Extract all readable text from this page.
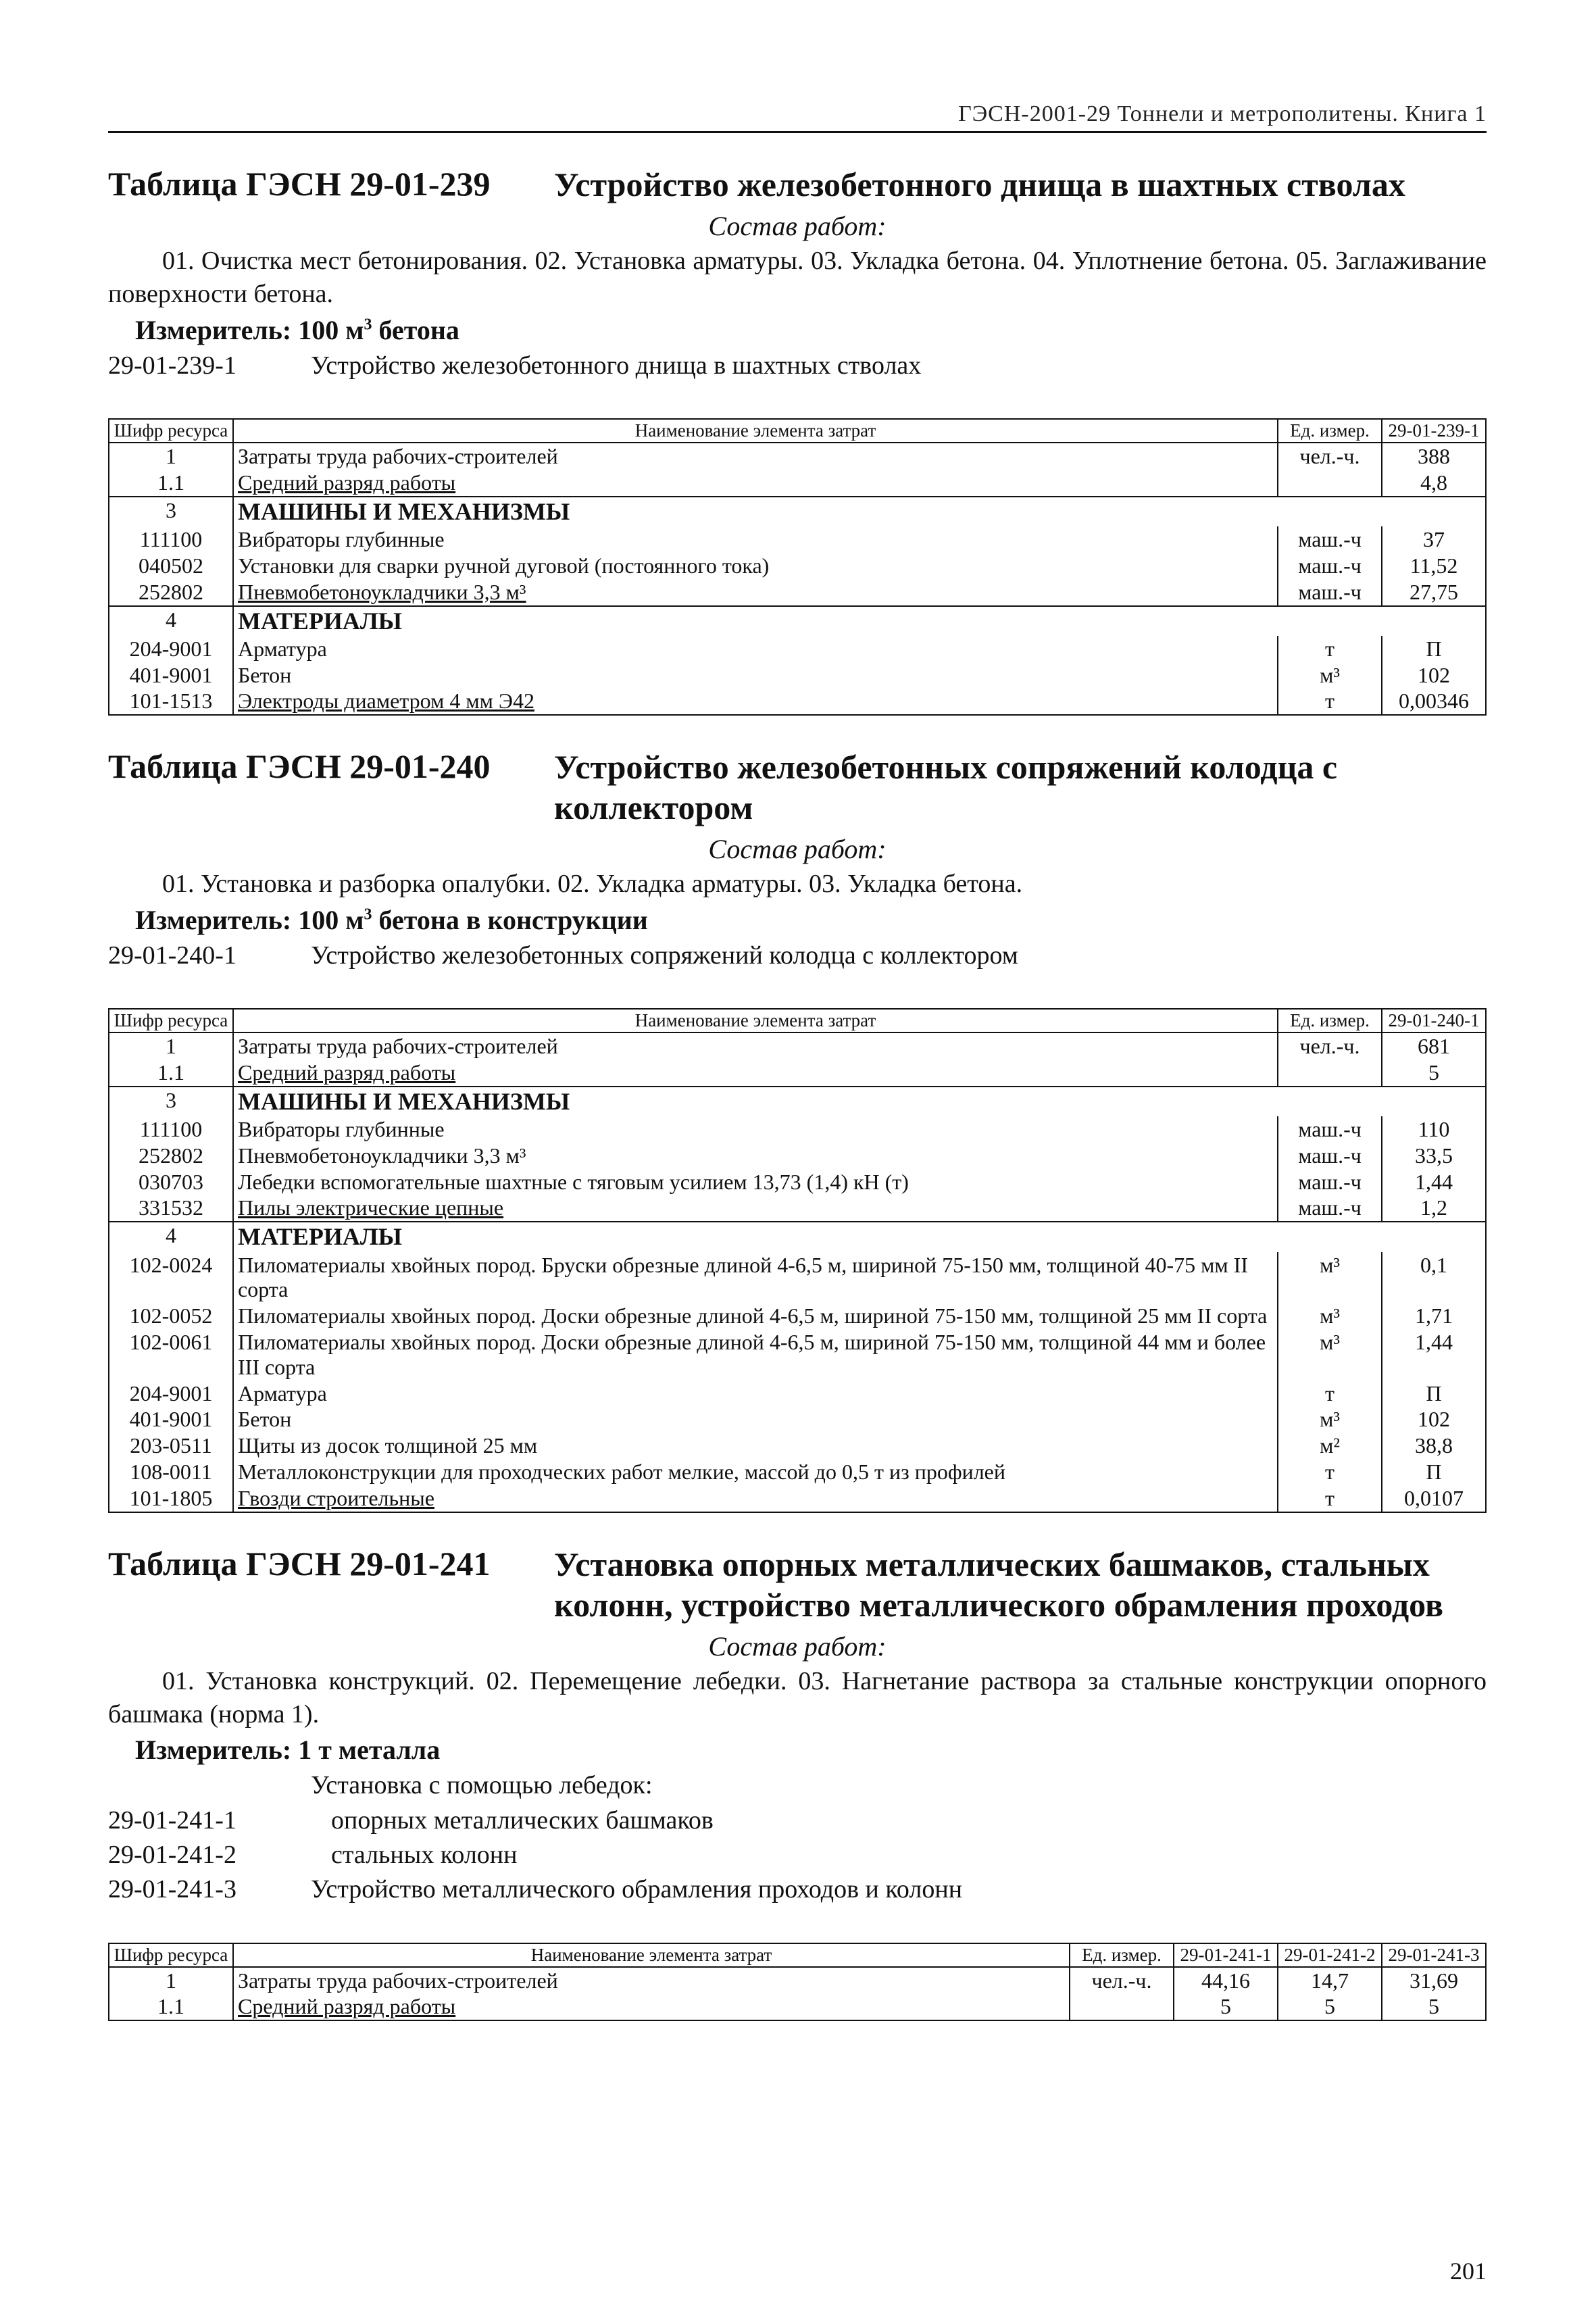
ГЭСН-2001-29 Тоннели и метрополитены. Книга 1
Таблица ГЭСН 29-01-239	Устройство железобетонного днища в шахтных стволах
Состав работ:

01. Очистка мест бетонирования. 02. Установка арматуры. 03. Укладка бетона. 04. Уплотнение бетона. 05. Заглаживание поверхности бетона.

Измеритель: 100 $м^3$ бетона
29-01-239-1	Устройство железобетонного днища в шахтных стволах
Шифр ресурса	Наименование элемента затрат	Ед. измер.	29-01-239-1
1	Затраты труда рабочих-строителей	чел.-ч.	388
1.1	Средний разряд работы		4,8
3	МАШИНЫ И МЕХАНИЗМЫ		
111100	Вибраторы глубинные	маш.-ч	37
040502	Установки для сварки ручной дуговой (постоянного тока)	маш.-ч	11,52
252802	Пневмобетоноукладчики 3,3 м³	маш.-ч	27,75
4	МАТЕРИАЛЫ		
204-9001	Арматура	т	П
401-9001	Бетон	м³	102
101-1513	Электроды диаметром 4 мм Э42	т	0,00346
Таблица ГЭСН 29-01-240	Устройство железобетонных сопряжений колодца с коллектором
Состав работ:

01. Установка и разборка опалубки. 02. Укладка арматуры. 03. Укладка бетона.

Измеритель: 100 $м^3$ бетона в конструкции
29-01-240-1	Устройство железобетонных сопряжений колодца с коллектором
Шифр ресурса	Наименование элемента затрат	Ед. измер.	29-01-240-1
1	Затраты труда рабочих-строителей	чел.-ч.	681
1.1	Средний разряд работы		5
3	МАШИНЫ И МЕХАНИЗМЫ		
111100	Вибраторы глубинные	маш.-ч	110
252802	Пневмобетоноукладчики 3,3 м³	маш.-ч	33,5
030703	Лебедки вспомогательные шахтные с тяговым усилием 13,73 (1,4) кН (т)	маш.-ч	1,44
331532	Пилы электрические цепные	маш.-ч	1,2
4	МАТЕРИАЛЫ		
102-0024	Пиломатериалы хвойных пород. Бруски обрезные длиной 4-6,5 м, шириной 75-150 мм, толщиной 40-75 мм II сорта	м³	0,1
102-0052	Пиломатериалы хвойных пород. Доски обрезные длиной 4-6,5 м, шириной 75-150 мм, толщиной 25 мм II сорта	м³	1,71
102-0061	Пиломатериалы хвойных пород. Доски обрезные длиной 4-6,5 м, шириной 75-150 мм, толщиной 44 мм и более III сорта	м³	1,44
204-9001	Арматура	т	П
401-9001	Бетон	м³	102
203-0511	Щиты из досок толщиной 25 мм	м²	38,8
108-0011	Металлоконструкции для проходческих работ мелкие, массой до 0,5 т из профилей	т	П
101-1805	Гвозди строительные	т	0,0107
Таблица ГЭСН 29-01-241	Установка опорных металлических башмаков, стальных колонн, устройство металлического обрамления проходов
Состав работ:

01. Установка конструкций. 02. Перемещение лебедки. 03. Нагнетание раствора за стальные конструкции опорного башмака (норма 1).

Измеритель: 1 т металла
Установка с помощью лебедок:
29-01-241-1	опорных металлических башмаков
29-01-241-2	стальных колонн
29-01-241-3	Устройство металлического обрамления проходов и колонн
Шифр ресурса	Наименование элемента затрат	Ед. измер.	29-01-241-1	29-01-241-2	29-01-241-3
1	Затраты труда рабочих-строителей	чел.-ч.	44,16	14,7	31,69
1.1	Средний разряд работы		5	5	5
201
